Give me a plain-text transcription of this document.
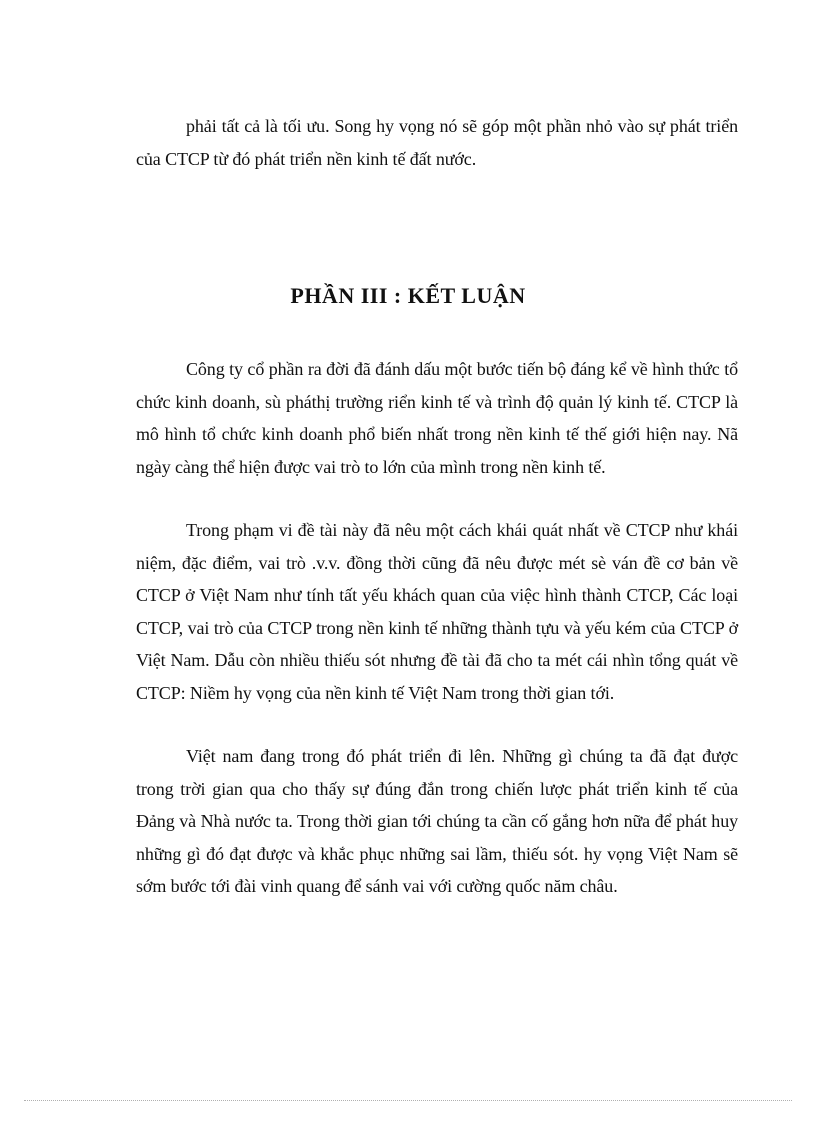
phải tất cả là tối ưu. Song hy vọng nó sẽ góp một phần nhỏ vào sự phát triển của CTCP từ đó phát triển nền kinh tế đất nước.

PHẦN III : KẾT LUẬN

Công ty cổ phần ra đời đã đánh dấu một bước tiến bộ đáng kể về hình thức tổ chức kinh doanh, sù pháthị trường riển kinh tế và trình độ quản lý kinh tế. CTCP là mô hình tổ chức kinh doanh phổ biến nhất trong nền kinh tế thế giới hiện nay. Nã ngày càng thể hiện được vai trò to lớn của mình trong nền kinh tế.

Trong phạm vi đề tài này đã nêu một cách khái quát nhất về CTCP như khái niệm, đặc điểm, vai trò .v.v. đồng thời cũng đã nêu được mét sè ván đề cơ bản về CTCP ở Việt Nam như tính tất yếu khách quan của việc hình thành CTCP, Các loại CTCP, vai trò của CTCP trong nền kinh tế những thành tựu và yếu kém của CTCP ở Việt Nam. Dẫu còn nhiều thiếu sót nhưng đề tài đã cho ta mét cái nhìn tổng quát về CTCP: Niềm hy vọng của nền kinh tế Việt Nam trong thời gian tới.

Việt nam đang trong đó phát triển đi lên. Những gì chúng ta đã đạt được trong trời gian qua cho thấy sự đúng đắn trong chiến lược phát triển kinh tế của Đảng và Nhà nước ta. Trong thời gian tới chúng ta cần cố gắng hơn nữa để phát huy những gì đó đạt được và khắc phục những sai lầm, thiếu sót. hy vọng Việt Nam sẽ sớm bước tới đài vinh quang để sánh vai với cường quốc năm châu.
